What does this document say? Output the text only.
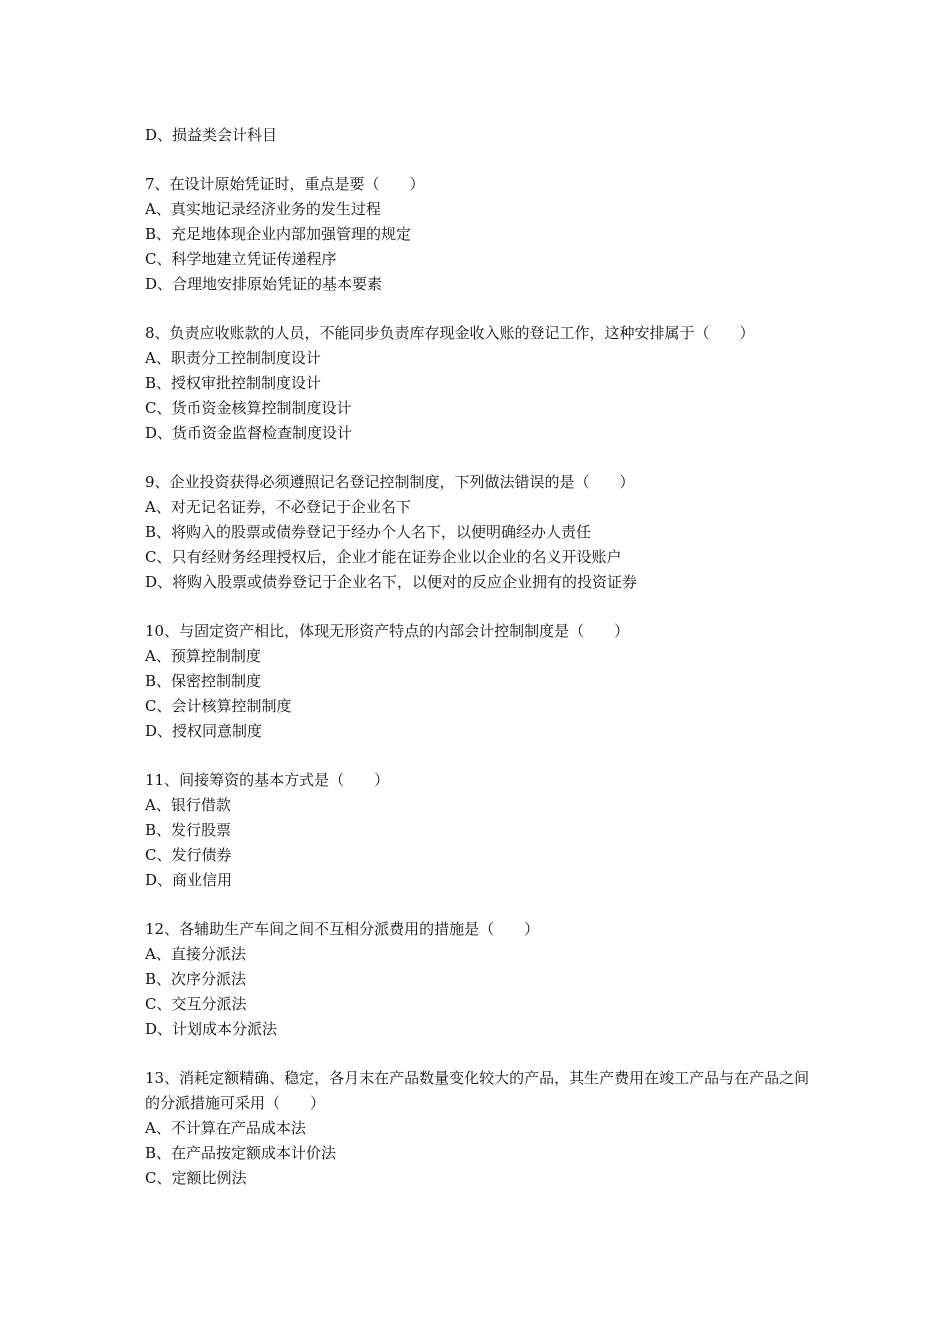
D、损益类会计科目
7、在设计原始凭证时，重点是要（　　）
A、真实地记录经济业务的发生过程
B、充足地体现企业内部加强管理的规定
C、科学地建立凭证传递程序
D、合理地安排原始凭证的基本要素
8、负责应收账款的人员，不能同步负责库存现金收入账的登记工作，这种安排属于（　　）
A、职责分工控制制度设计
B、授权审批控制制度设计
C、货币资金核算控制制度设计
D、货币资金监督检查制度设计
9、企业投资获得必须遵照记名登记控制制度，下列做法错误的是（　　）
A、对无记名证券，不必登记于企业名下
B、将购入的股票或债券登记于经办个人名下，以便明确经办人责任
C、只有经财务经理授权后，企业才能在证券企业以企业的名义开设账户
D、将购入股票或债券登记于企业名下，以便对的反应企业拥有的投资证券
10、与固定资产相比，体现无形资产特点的内部会计控制制度是（　　）
A、预算控制制度
B、保密控制制度
C、会计核算控制制度
D、授权同意制度
11、间接筹资的基本方式是（　　）
A、银行借款
B、发行股票
C、发行债券
D、商业信用
12、各辅助生产车间之间不互相分派费用的措施是（　　）
A、直接分派法
B、次序分派法
C、交互分派法
D、计划成本分派法
13、消耗定额精确、稳定，各月末在产品数量变化较大的产品，其生产费用在竣工产品与在产品之间的分派措施可采用（　　）
A、不计算在产品成本法
B、在产品按定额成本计价法
C、定额比例法
